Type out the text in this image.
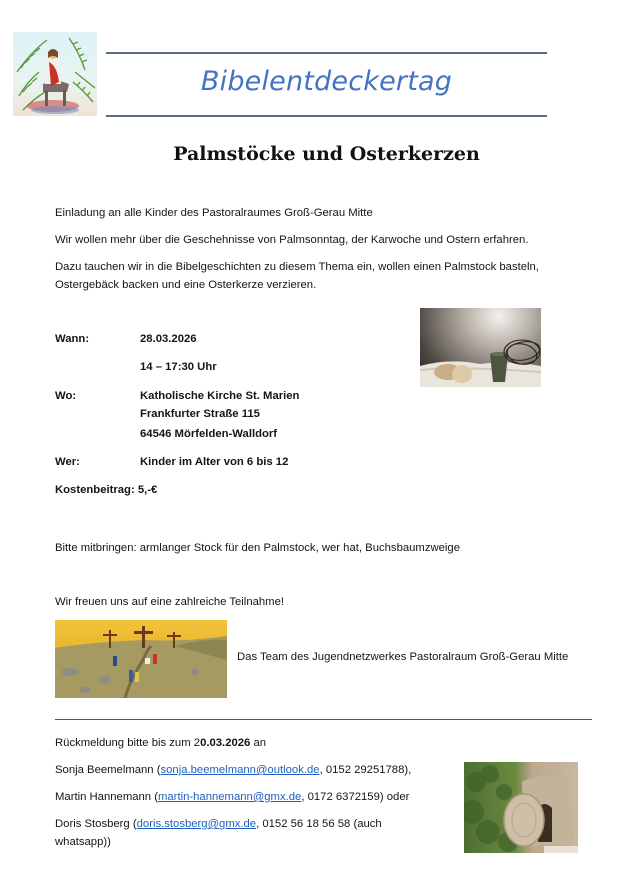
Bibelentdeckertag
Palmstöcke und Osterkerzen
Einladung an alle Kinder des Pastoralraumes Groß-Gerau Mitte
Wir wollen mehr über die Geschehnisse von Palmsonntag, der Karwoche und Ostern erfahren.
Dazu tauchen wir in die Bibelgeschichten zu diesem Thema ein, wollen einen Palmstock basteln,
Ostergebäck backen und eine Osterkerze verzieren.
Wann:	28.03.2026
14 – 17:30 Uhr
Wo:	Katholische Kirche St. Marien
Frankfurter Straße 115
64546 Mörfelden-Walldorf
Wer:	Kinder im Alter von 6 bis 12
Kostenbeitrag: 5,-€
Bitte mitbringen: armlanger Stock für den Palmstock, wer hat, Buchsbaumzweige
Wir freuen uns auf eine zahlreiche Teilnahme!
Das Team des Jugendnetzwerkes Pastoralraum Groß-Gerau Mitte
Rückmeldung bitte bis zum 20.03.2026 an
Sonja Beemelmann (sonja.beemelmann@outlook.de, 0152 29251788),
Martin Hannemann (martin-hannemann@gmx.de, 0172 6372159) oder
Doris Stosberg (doris.stosberg@gmx.de, 0152 56 18 56 58 (auch
whatsapp))
